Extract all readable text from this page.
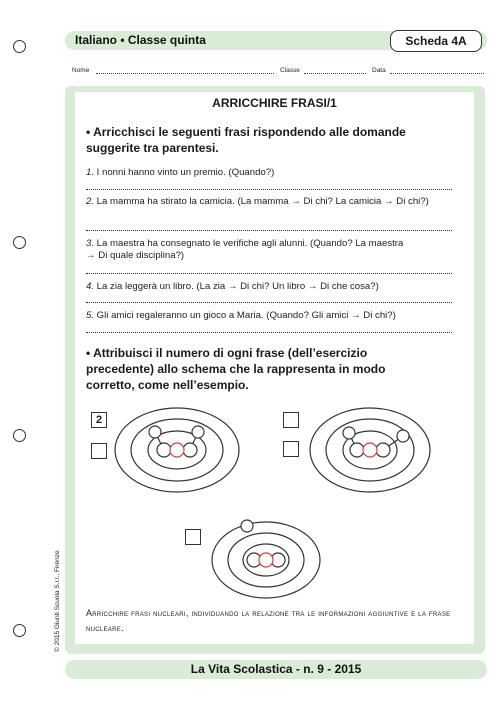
Italiano • Classe quinta	Scheda 4A
Nome	Classe	Data
ARRICCHIRE FRASI/1
• Arricchisci le seguenti frasi rispondendo alle domande suggerite tra parentesi.
1. I nonni hanno vinto un premio. (Quando?)
2. La mamma ha stirato la camicia. (La mamma → Di chi? La camicia → Di chi?)
3. La maestra ha consegnato le verifiche agli alunni. (Quando? La maestra → Di quale disciplina?)
4. La zia leggerà un libro. (La zia → Di chi? Un libro → Di che cosa?)
5. Gli amici regaleranno un gioco a Maria. (Quando? Gli amici → Di chi?)
• Attribuisci il numero di ogni frase (dell’esercizio precedente) allo schema che la rappresenta in modo corretto, come nell’esempio.
2
Arricchire frasi nucleari, individuando la relazione tra le informazioni aggiuntive e la frase nucleare.
La Vita Scolastica - n. 9 - 2015
© 2015 Giunti Scuola S.r.l., Firenze
